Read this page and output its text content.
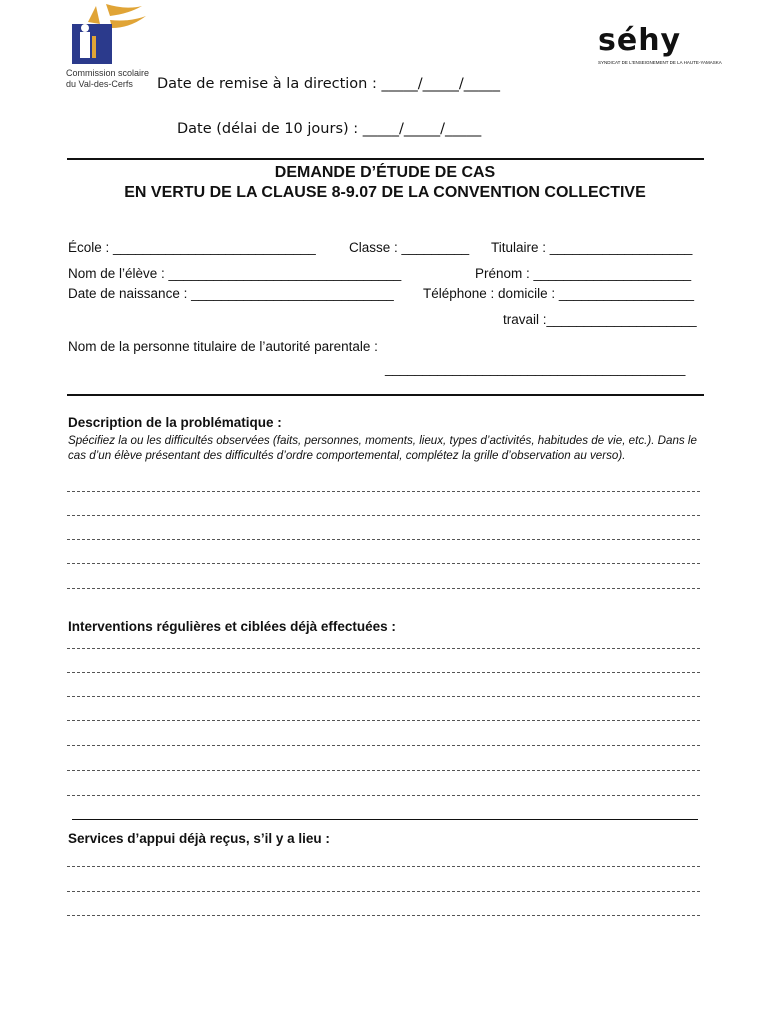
Commission scolaire du Val-des-Cerfs
séhy
SYNDICAT DE L'ENSEIGNEMENT DE LA HAUTE-YAMASKA
Date de remise à la direction : _____/_____/_____
Date (délai de 10 jours) : _____/_____/_____
DEMANDE D’ÉTUDE DE CAS
EN VERTU DE LA CLAUSE 8-9.07 DE LA CONVENTION COLLECTIVE
École : ___________________________ Classe : _________ Titulaire : ___________________
Nom de l’élève : _______________________________	Prénom : _____________________
Date de naissance : ___________________________ Téléphone : domicile : __________________
travail :____________________
Nom de la personne titulaire de l’autorité parentale :
________________________________________
Description de la problématique :
Spécifiez la ou les difficultés observées (faits, personnes, moments, lieux, types d’activités, habitudes de vie, etc.). Dans le cas d’un élève présentant des difficultés d’ordre comportemental, complétez la grille d’observation au verso).
Interventions régulières et ciblées déjà effectuées :
Services d’appui déjà reçus, s’il y a lieu :
